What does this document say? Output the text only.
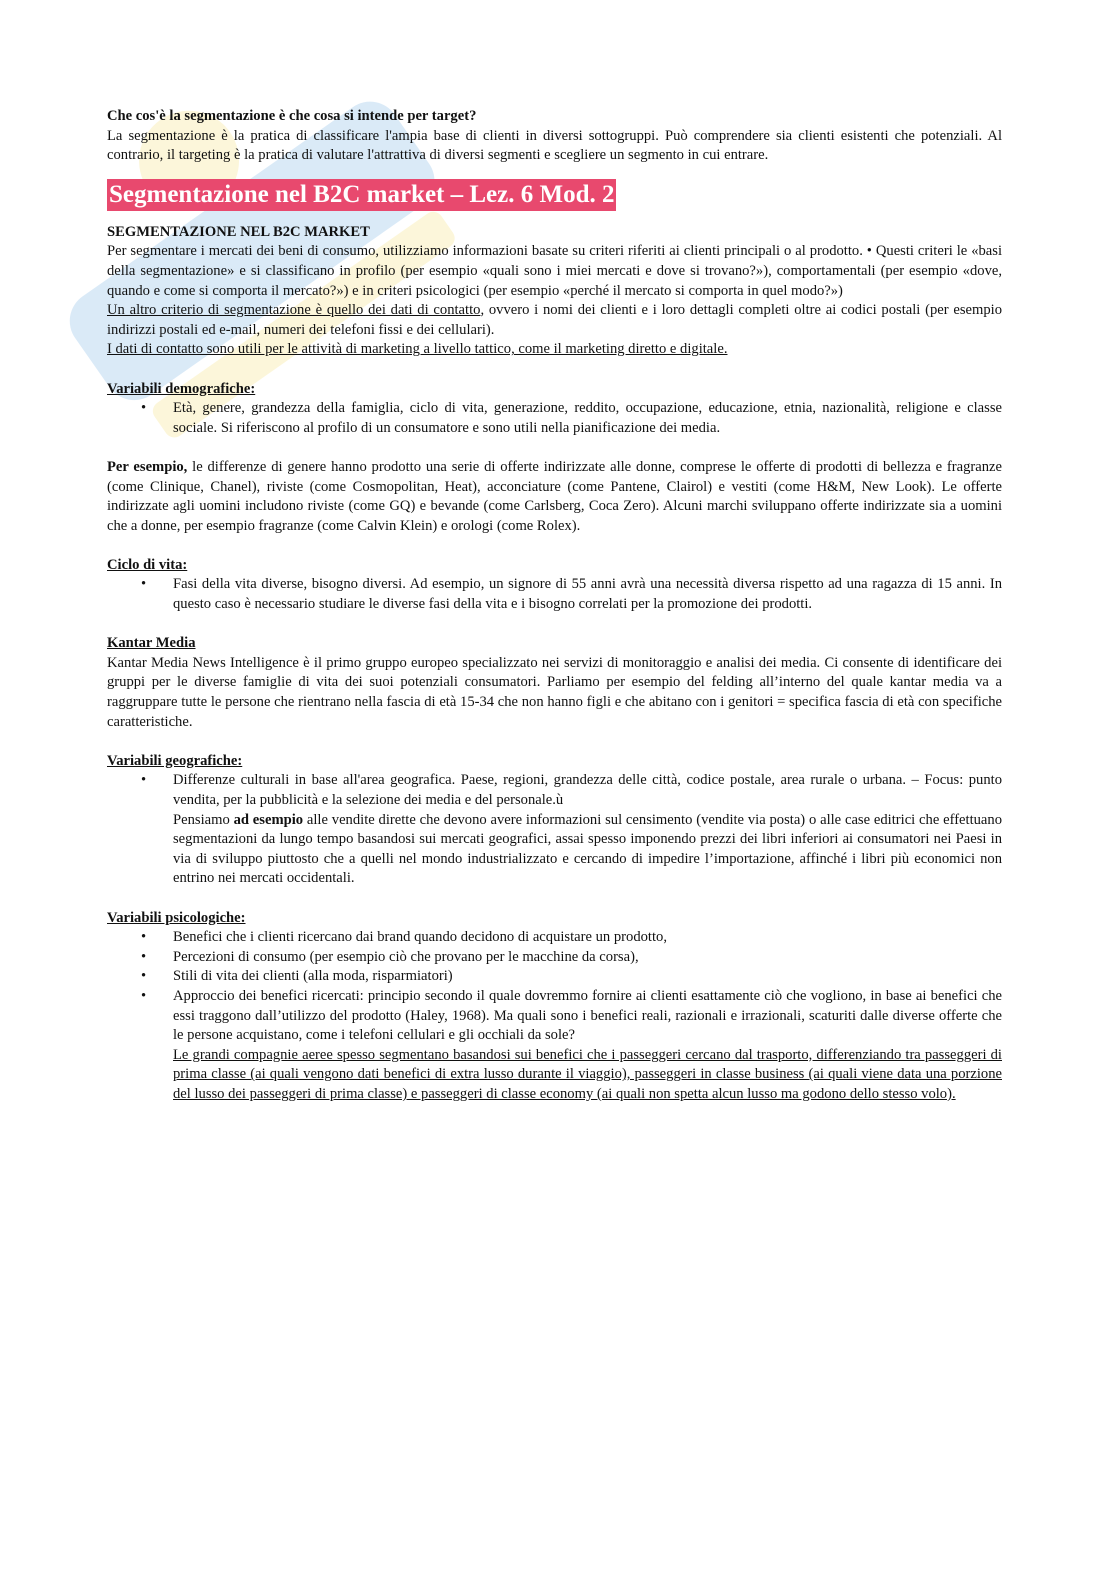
Che cos'è la segmentazione è che cosa si intende per target?

La segmentazione è la pratica di classificare l'ampia base di clienti in diversi sottogruppi. Può comprendere sia clienti esistenti che potenziali. Al contrario, il targeting è la pratica di valutare l'attrattiva di diversi segmenti e scegliere un segmento in cui entrare.

Segmentazione nel B2C market – Lez. 6 Mod. 2

SEGMENTAZIONE NEL B2C MARKET

Per segmentare i mercati dei beni di consumo, utilizziamo informazioni basate su criteri riferiti ai clienti principali o al prodotto. • Questi criteri le «basi della segmentazione» e si classificano in profilo (per esempio «quali sono i miei mercati e dove si trovano?»), comportamentali (per esempio «dove, quando e come si comporta il mercato?») e in criteri psicologici (per esempio «perché il mercato si comporta in quel modo?»)

Un altro criterio di segmentazione è quello dei dati di contatto, ovvero i nomi dei clienti e i loro dettagli completi oltre ai codici postali (per esempio indirizzi postali ed e-mail, numeri dei telefoni fissi e dei cellulari).

I dati di contatto sono utili per le attività di marketing a livello tattico, come il marketing diretto e digitale.

Variabili demografiche:

• Età, genere, grandezza della famiglia, ciclo di vita, generazione, reddito, occupazione, educazione, etnia, nazionalità, religione e classe sociale. Si riferiscono al profilo di un consumatore e sono utili nella pianificazione dei media.

Per esempio, le differenze di genere hanno prodotto una serie di offerte indirizzate alle donne, comprese le offerte di prodotti di bellezza e fragranze (come Clinique, Chanel), riviste (come Cosmopolitan, Heat), acconciature (come Pantene, Clairol) e vestiti (come H&M, New Look). Le offerte indirizzate agli uomini includono riviste (come GQ) e bevande (come Carlsberg, Coca Zero). Alcuni marchi sviluppano offerte indirizzate sia a uomini che a donne, per esempio fragranze (come Calvin Klein) e orologi (come Rolex).

Ciclo di vita:

• Fasi della vita diverse, bisogno diversi. Ad esempio, un signore di 55 anni avrà una necessità diversa rispetto ad una ragazza di 15 anni. In questo caso è necessario studiare le diverse fasi della vita e i bisogno correlati per la promozione dei prodotti.

Kantar Media

Kantar Media News Intelligence è il primo gruppo europeo specializzato nei servizi di monitoraggio e analisi dei media. Ci consente di identificare dei gruppi per le diverse famiglie di vita dei suoi potenziali consumatori. Parliamo per esempio del felding all’interno del quale kantar media va a raggruppare tutte le persone che rientrano nella fascia di età 15-34 che non hanno figli e che abitano con i genitori = specifica fascia di età con specifiche caratteristiche.

Variabili geografiche:

• Differenze culturali in base all'area geografica. Paese, regioni, grandezza delle città, codice postale, area rurale o urbana. – Focus: punto vendita, per la pubblicità e la selezione dei media e del personale.ù
Pensiamo ad esempio alle vendite dirette che devono avere informazioni sul censimento (vendite via posta) o alle case editrici che effettuano segmentazioni da lungo tempo basandosi sui mercati geografici, assai spesso imponendo prezzi dei libri inferiori ai consumatori nei Paesi in via di sviluppo piuttosto che a quelli nel mondo industrializzato e cercando di impedire l’importazione, affinché i libri più economici non entrino nei mercati occidentali.

Variabili psicologiche:

• Benefici che i clienti ricercano dai brand quando decidono di acquistare un prodotto,
• Percezioni di consumo (per esempio ciò che provano per le macchine da corsa),
• Stili di vita dei clienti (alla moda, risparmiatori)
• Approccio dei benefici ricercati: principio secondo il quale dovremmo fornire ai clienti esattamente ciò che vogliono, in base ai benefici che essi traggono dall’utilizzo del prodotto (Haley, 1968). Ma quali sono i benefici reali, razionali e irrazionali, scaturiti dalle diverse offerte che le persone acquistano, come i telefoni cellulari e gli occhiali da sole?
Le grandi compagnie aeree spesso segmentano basandosi sui benefici che i passeggeri cercano dal trasporto, differenziando tra passeggeri di prima classe (ai quali vengono dati benefici di extra lusso durante il viaggio), passeggeri in classe business (ai quali viene data una porzione del lusso dei passeggeri di prima classe) e passeggeri di classe economy (ai quali non spetta alcun lusso ma godono dello stesso volo).
